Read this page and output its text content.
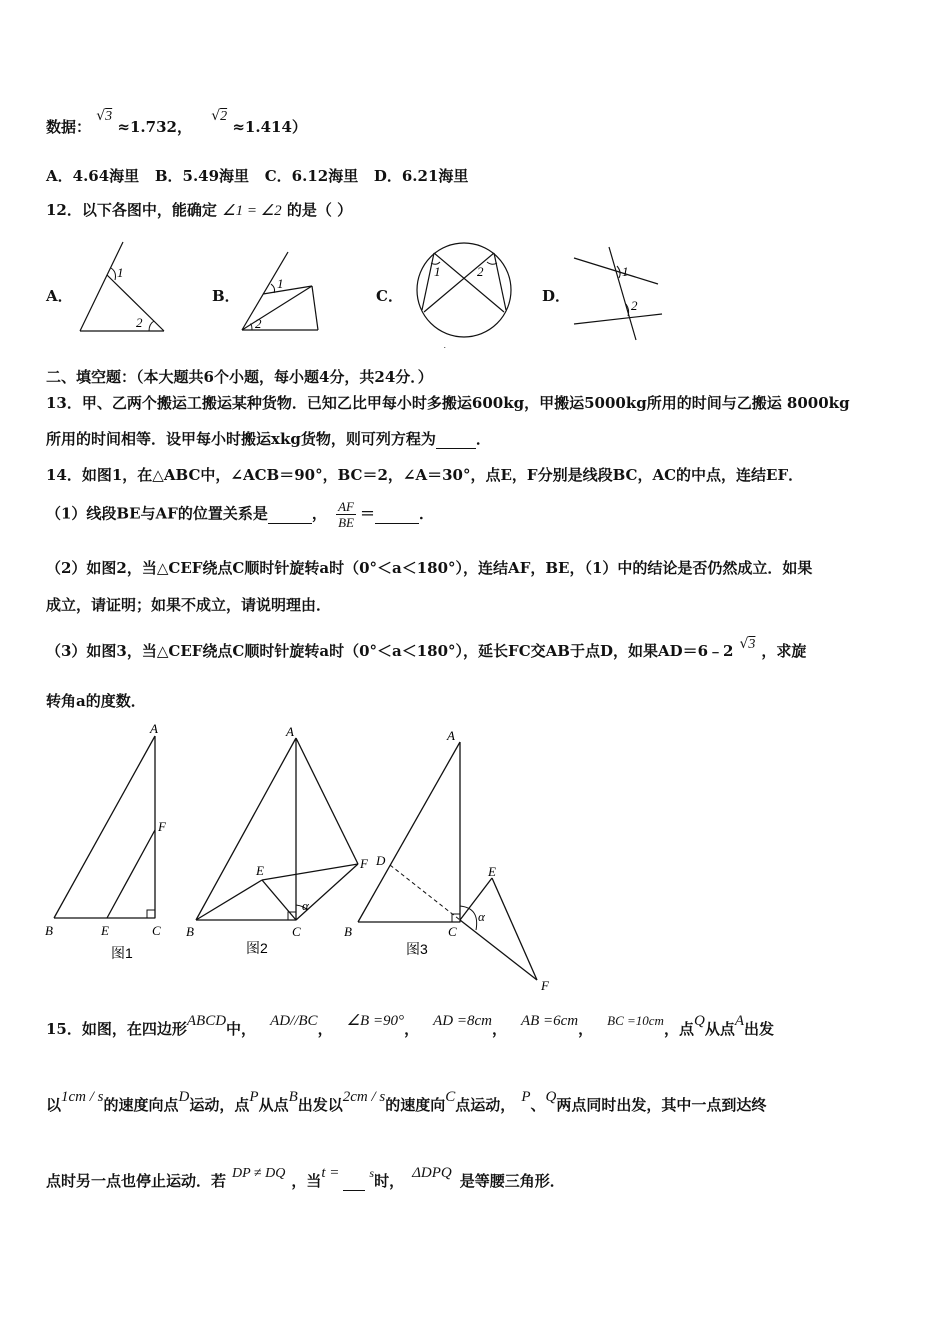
数据： √3 ≈1.732， √2 ≈1.414）
A．4.64海里   B．5.49海里   C．6.12海里   D．6.21海里
12．以下各图中，能确定 ∠1 = ∠2 的是（ ）
A．	B．	C．	D．
1
2
1
2
1	2
.
1
2
二、填空题：（本大题共6个小题，每小题4分，共24分．）
13．甲、乙两个搬运工搬运某种货物．已知乙比甲每小时多搬运600kg，甲搬运5000kg所用的时间与乙搬运 8000kg
所用的时间相等．设甲每小时搬运xkg货物，则可列方程为	．
14．如图1，在△ABC中，∠ACB＝90°，BC＝2，∠A＝30°，点E，F分别是线段BC，AC的中点，连结EF．
（1）线段BE与AF的位置关系是	， $\frac{AF}{BE}$ ＝	．
（2）如图2，当△CEF绕点C顺时针旋转a时（0°＜a＜180°），连结AF，BE，（1）中的结论是否仍然成立．如果
成立，请证明；如果不成立，请说明理由．
（3）如图3，当△CEF绕点C顺时针旋转a时（0°＜a＜180°），延长FC交AB于点D，如果AD＝6﹣2 √3 ，求旋
转角a的度数．
A
F
B	E	C
图1
A
F
E
α
B	C
图2
A
D
E
α
B	C
F
图3
15．如图，在四边形ABCD中， AD//BC， ∠B =90°， AD =8cm， AB =6cm， BC =10cm，点Q从点A出发
以1cm / s的速度向点D运动，点P从点B出发以2cm / s的速度向C点运动， P、Q两点同时出发，其中一点到达终
点时另一点也停止运动．若 DP ≠ DQ ，当t =	$^s$时， ΔDPQ 是等腰三角形．
